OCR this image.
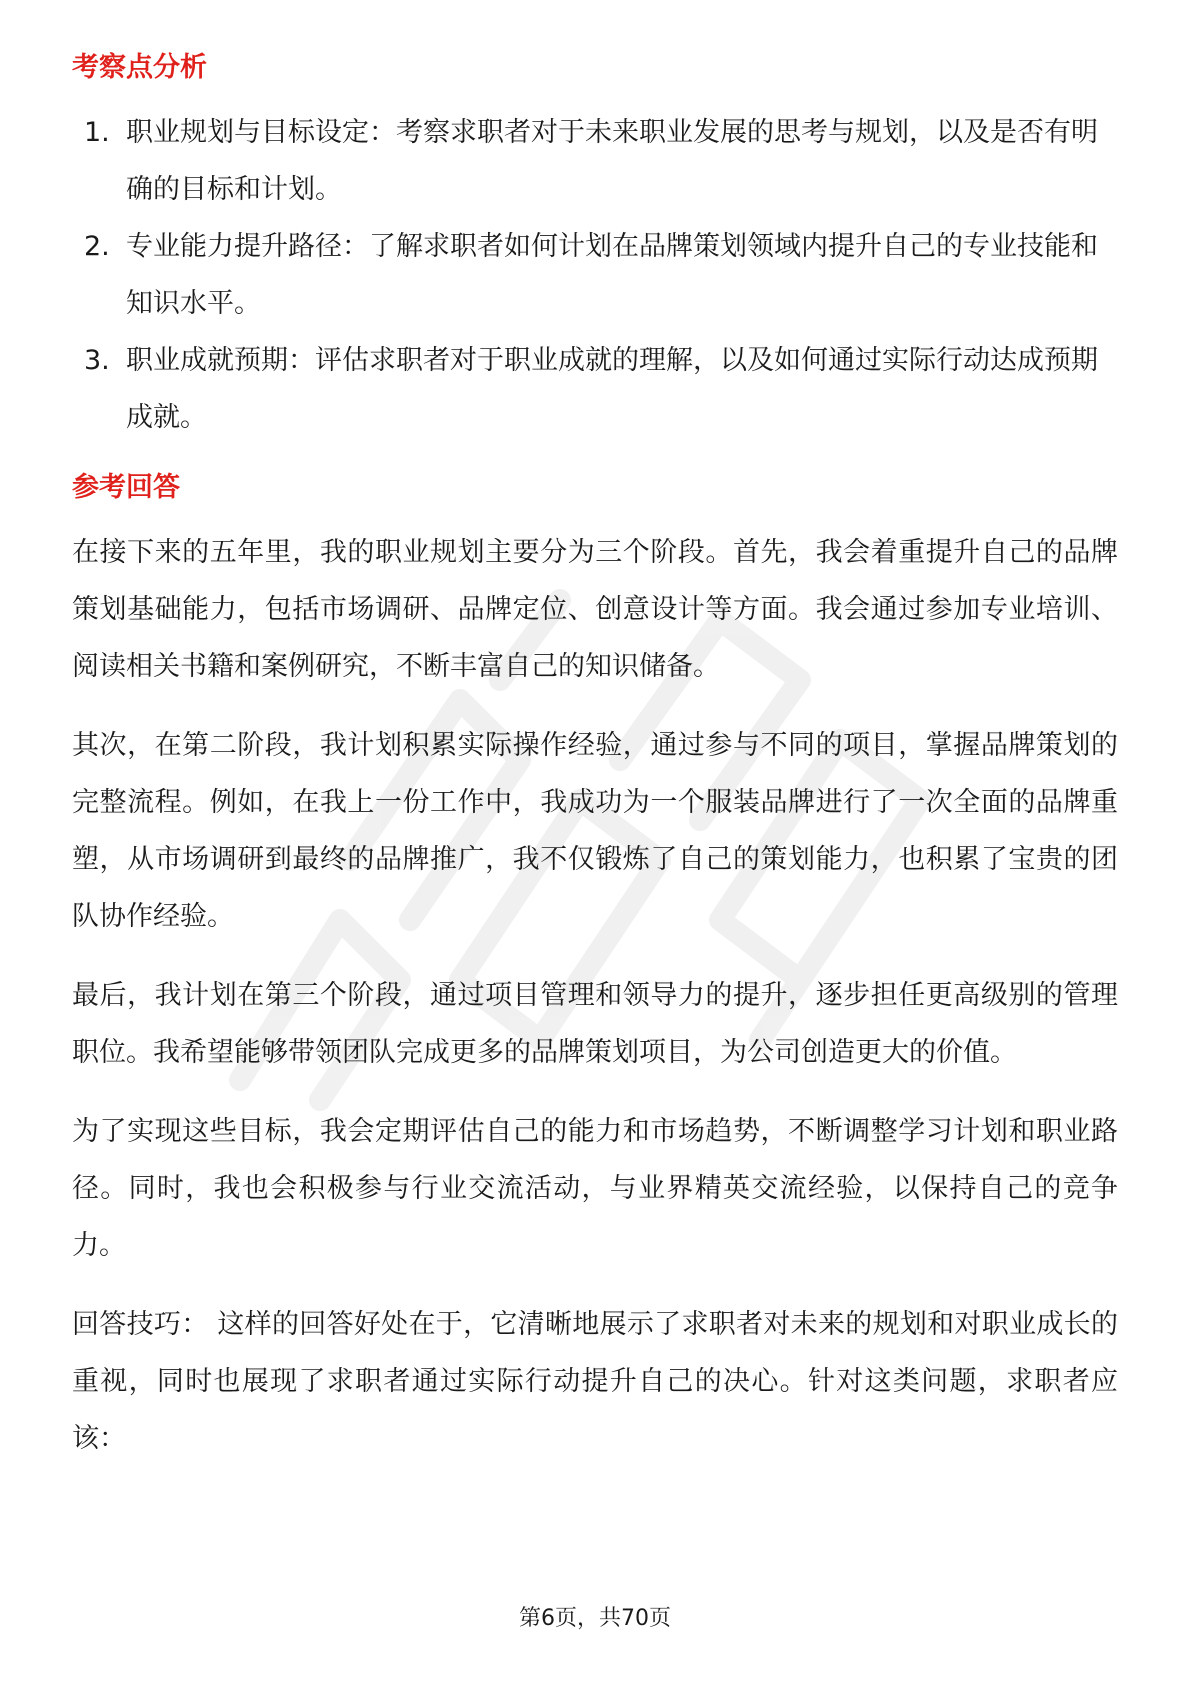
考察点分析
1. 职业规划与目标设定：考察求职者对于未来职业发展的思考与规划，以及是否有明确的目标和计划。
2. 专业能力提升路径：了解求职者如何计划在品牌策划领域内提升自己的专业技能和知识水平。
3. 职业成就预期：评估求职者对于职业成就的理解，以及如何通过实际行动达成预期成就。
参考回答

在接下来的五年里，我的职业规划主要分为三个阶段。首先，我会着重提升自己的品牌策划基础能力，包括市场调研、品牌定位、创意设计等方面。我会通过参加专业培训、阅读相关书籍和案例研究，不断丰富自己的知识储备。

其次，在第二阶段，我计划积累实际操作经验，通过参与不同的项目，掌握品牌策划的完整流程。例如，在我上一份工作中，我成功为一个服装品牌进行了一次全面的品牌重塑，从市场调研到最终的品牌推广，我不仅锻炼了自己的策划能力，也积累了宝贵的团队协作经验。

最后，我计划在第三个阶段，通过项目管理和领导力的提升，逐步担任更高级别的管理职位。我希望能够带领团队完成更多的品牌策划项目，为公司创造更大的价值。

为了实现这些目标，我会定期评估自己的能力和市场趋势，不断调整学习计划和职业路径。同时，我也会积极参与行业交流活动，与业界精英交流经验，以保持自己的竞争力。

回答技巧： 这样的回答好处在于，它清晰地展示了求职者对未来的规划和对职业成长的重视，同时也展现了求职者通过实际行动提升自己的决心。针对这类问题，求职者应该：

第6页，共70页
